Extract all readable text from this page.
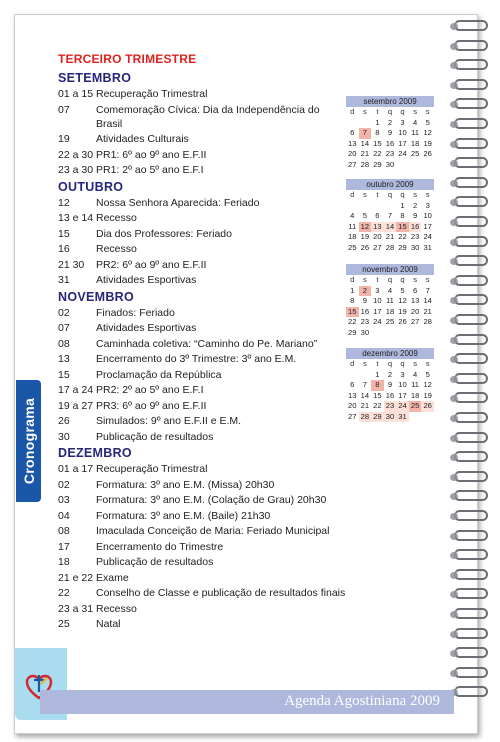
Cronograma
Agenda Agostiniana 2009
TERCEIRO TRIMESTRE
SETEMBRO
01 a 15 Recuperação Trimestral
07	Comemoração Cívica: Dia da Independência do Brasil
19	Atividades Culturais
22 a 30 PR1: 6º ao 9º ano E.F.II
23 a 30 PR1: 2º ao 5º ano E.F.I
OUTUBRO
12	Nossa Senhora Aparecida: Feriado
13 e 14 Recesso
15	Dia dos Professores: Feriado
16	Recesso
21 30	PR2: 6º ao 9º ano E.F.II
31	Atividades Esportivas
NOVEMBRO
02	Finados: Feriado
07	Atividades Esportivas
08	Caminhada coletiva: “Caminho do Pe. Mariano”
13	Encerramento do 3º Trimestre: 3º ano E.M.
15	Proclamação da República
17 a 24 PR2: 2º ao 5º ano E.F.I
19 a 27 PR3: 6º ao 9º ano E.F.II
26	Simulados: 9º ano E.F.II e E.M.
30	Publicação de resultados
DEZEMBRO
01 a 17 Recuperação Trimestral
02	Formatura: 3º ano E.M. (Missa) 20h30
03	Formatura: 3º ano E.M. (Colação de Grau) 20h30
04	Formatura: 3º ano E.M. (Baile) 21h30
08	Imaculada Conceição de Maria: Feriado Municipal
17	Encerramento do Trimestre
18	Publicação de resultados
21 e 22 Exame
22	Conselho de Classe e publicação de resultados finais
23 a 31 Recesso
25	Natal
setembro 2009
d	s	t	q	q	s	s
		1	2	3	4	5
6	7	8	9	10	11	12
13	14	15	16	17	18	19
20	21	22	23	24	25	26
27	28	29	30			
outubro 2009
d	s	t	q	q	s	s
				1	2	3
4	5	6	7	8	9	10
11	12	13	14	15	16	17
18	19	20	21	22	23	24
25	26	27	28	29	30	31
novembro 2009
d	s	t	q	q	s	s
1	2	3	4	5	6	7
8	9	10	11	12	13	14
15	16	17	18	19	20	21
22	23	24	25	26	27	28
29	30					
dezembro 2009
d	s	t	q	q	s	s
		1	2	3	4	5
6	7	8	9	10	11	12
13	14	15	16	17	18	19
20	21	22	23	24	25	26
27	28	29	30	31		
